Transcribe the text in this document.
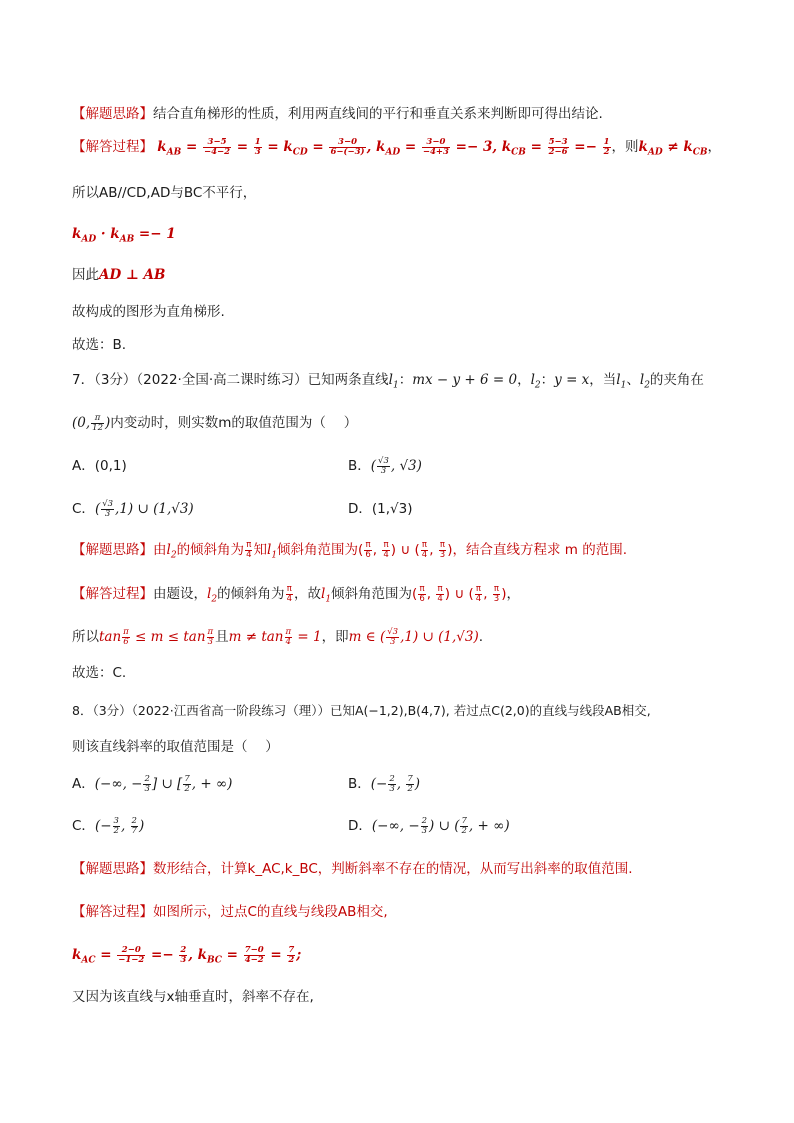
【解题思路】结合直角梯形的性质，利用两直线间的平行和垂直关系来判断即可得出结论.
【解答过程】 $k_{AB} = \frac{3-5}{-4-2} = \frac{1}{3} = k_{CD} = \frac{3-0}{6-(-3)}$ , $k_{AD} = \frac{3-0}{-4+3} =- 3$, $k_{CB} = \frac{5-3}{2-6} =- \frac{1}{2}$ ，则$k_{AD} \ne k_{CB}$，
所以AB//CD,AD与BC不平行，
$k_{AD} \cdot k_{AB} =- 1$
因此AD ⊥ AB
故构成的图形为直角梯形.
故选：B.
7．（3分）（2022·全国·高二课时练习）已知两条直线$l_1$：mx − y + 6 = 0，$l_2$：y = x，当$l_1$、$l_2$的夹角在
(0, $\frac{\pi}{12}$ )内变动时，则实数m的取值范围为（　 ）
A．(0,1)	B．( $\frac{√3}{3}$ , √3)
C．( $\frac{√3}{3} ,1$) ∪ (1,√3)	D．(1,√3)
【解题思路】由$l_2$的倾斜角为 $\frac{\pi}{4}$ 知$l_1$倾斜角范围为( $\frac{\pi}{6}$ , $\frac{\pi}{4}$ ) ∪ ( $\frac{\pi}{4}$ , $\frac{\pi}{3}$ )，结合直线方程求 m 的范围.
【解答过程】由题设，$l_2$的倾斜角为 $\frac{\pi}{4}$ ，故$l_1$倾斜角范围为( $\frac{\pi}{6}$ , $\frac{\pi}{4}$ ) ∪ ( $\frac{\pi}{4}$ , $\frac{\pi}{3}$ )，
所以$\tan \frac{\pi}{6} \le m \le \tan \frac{\pi}{3}$ 且$m \ne \tan \frac{\pi}{4} = 1$，即m ∈ ( $\frac{√3}{3} ,1$) ∪ (1,√3).
故选：C.
8．（3分）（2022·江西省高一阶段练习（理））已知A(−1,2),B(4,7), 若过点C(2,0)的直线与线段AB相交,
则该直线斜率的取值范围是（　 ）
A．(−∞, − $\frac{2}{3}$ ] ∪ [ $\frac{7}{2}$ , + ∞)	B．(− $\frac{2}{3}$ , $\frac{7}{2}$ )
C．(− $\frac{3}{2}$ , $\frac{2}{7}$ )	D．(−∞, − $\frac{2}{3}$ ) ∪ ( $\frac{7}{2}$ , + ∞)
【解题思路】数形结合，计算k_AC,k_BC，判断斜率不存在的情况，从而写出斜率的取值范围.
【解答过程】如图所示，过点C的直线与线段AB相交,
$k_{AC} = \frac{2-0}{-1-2} =- \frac{2}{3}$ , $k_{BC} = \frac{7-0}{4-2} = \frac{7}{2}$ ;
又因为该直线与x轴垂直时，斜率不存在,
